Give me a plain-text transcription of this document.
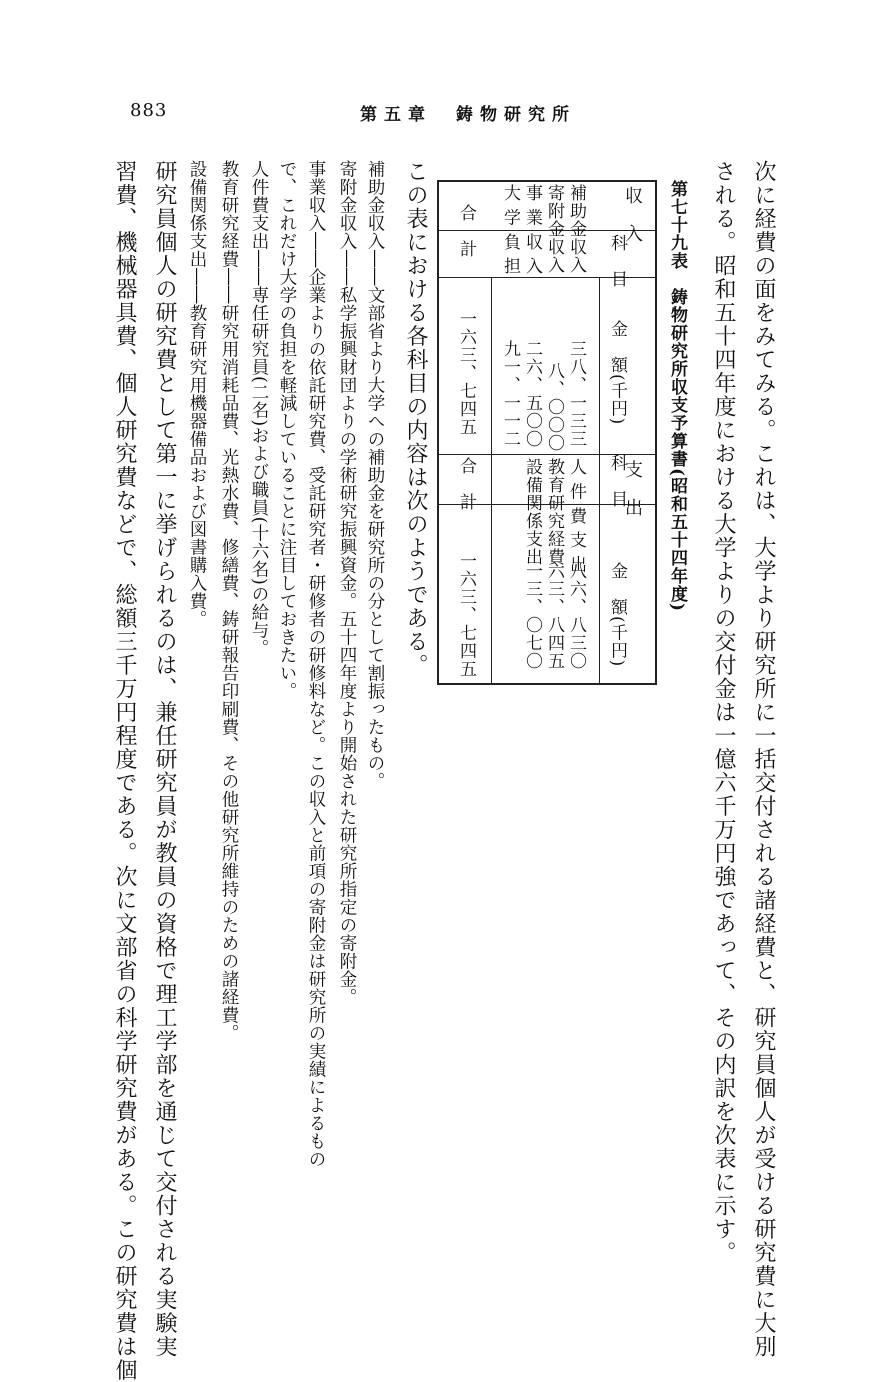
883	第五章　鋳物研究所
次に経費の面をみてみる。これは、大学より研究所に一括交付される諸経費と、研究員個人が受ける研究費に大別
される。昭和五十四年度における大学よりの交付金は一億六千万円強であって、その内訳を次表に示す。
第七十九表　鋳物研究所収支予算書(昭和五十四年度)
収　入
支　出
科　目
金　額(千円)
科　目
金　額(千円)
補助金収入
寄附金収入
事 業 収 入
大 学 負 担
三八、一三三
八、〇〇〇
二六、五〇〇
九一、一一二
人 件 費 支 出
教育研究経費
設備関係支出
八六、八三〇
六三、八四五
一三、〇七〇
合　計
一六三、七四五
合　計
一六三、七四五
この表における各科目の内容は次のようである。
補助金収入――文部省より大学への補助金を研究所の分として割振ったもの。
寄附金収入――私学振興財団よりの学術研究振興資金。五十四年度より開始された研究所指定の寄附金。
事業収入――企業よりの依託研究費、受託研究者・研修者の研修料など。この収入と前項の寄附金は研究所の実績によるもの
で、これだけ大学の負担を軽減していることに注目しておきたい。
人件費支出――専任研究員(二名)および職員(十六名)の給与。
教育研究経費――研究用消耗品費、光熱水費、修繕費、鋳研報告印刷費、その他研究所維持のための諸経費。
設備関係支出――教育研究用機器備品および図書購入費。
研究員個人の研究費として第一に挙げられるのは、兼任研究員が教員の資格で理工学部を通じて交付される実験実
習費、機械器具費、個人研究費などで、総額三千万円程度である。次に文部省の科学研究費がある。この研究費は個
